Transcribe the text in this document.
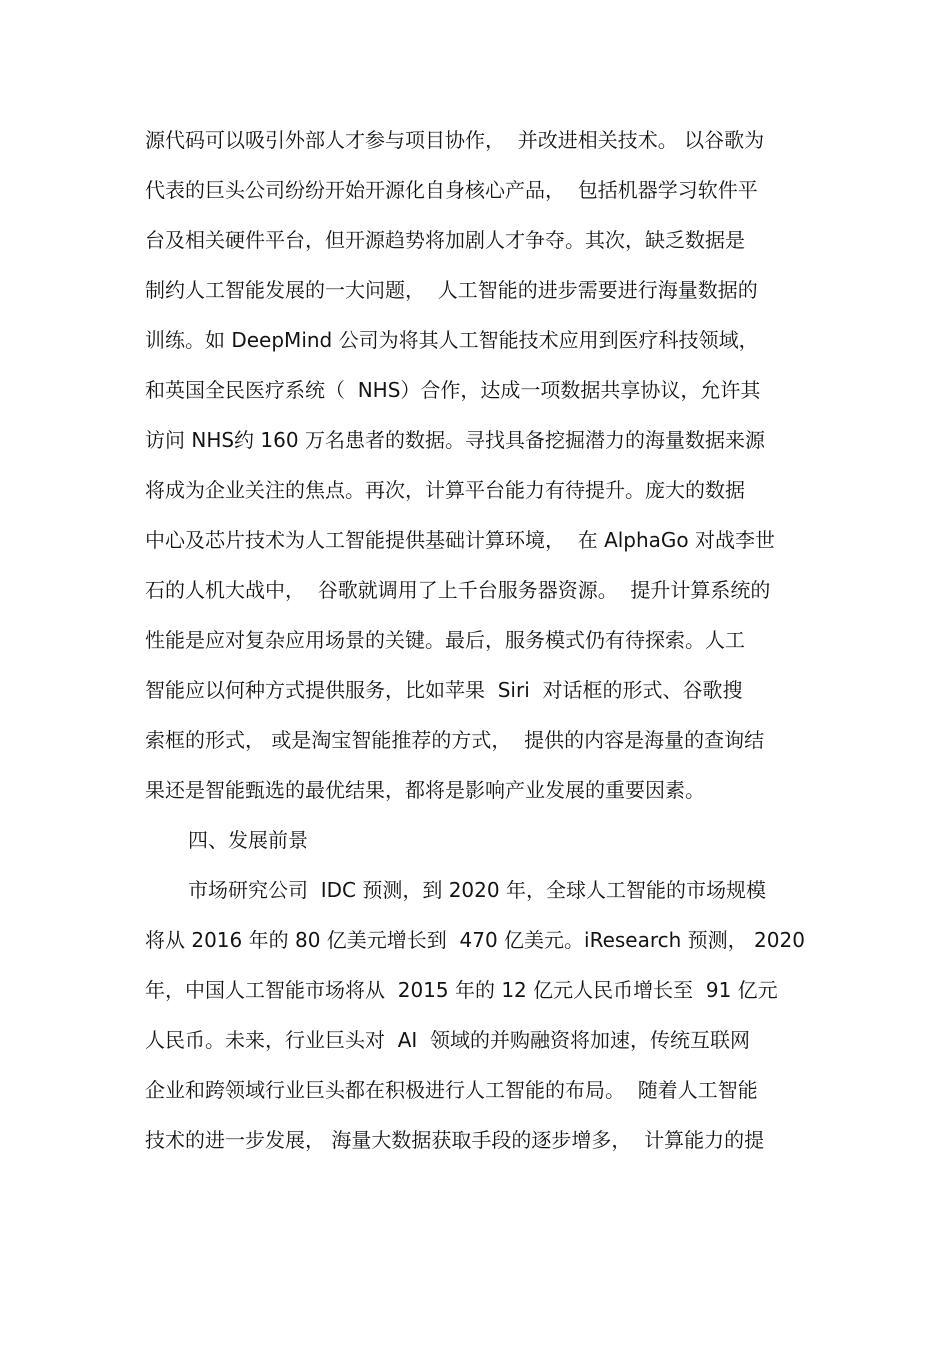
源代码可以吸引外部人才参与项目协作，  并改进相关技术。 以谷歌为

代表的巨头公司纷纷开始开源化自身核心产品，  包括机器学习软件平

台及相关硬件平台，但开源趋势将加剧人才争夺。其次，缺乏数据是

制约人工智能发展的一大问题，  人工智能的进步需要进行海量数据的

训练。如 DeepMind 公司为将其人工智能技术应用到医疗科技领域，

和英国全民医疗系统（  NHS）合作，达成一项数据共享协议，允许其

访问 NHS约 160 万名患者的数据。寻找具备挖掘潜力的海量数据来源

将成为企业关注的焦点。再次，计算平台能力有待提升。庞大的数据

中心及芯片技术为人工智能提供基础计算环境，  在 AlphaGo 对战李世

石的人机大战中，  谷歌就调用了上千台服务器资源。  提升计算系统的

性能是应对复杂应用场景的关键。最后，服务模式仍有待探索。人工

智能应以何种方式提供服务，比如苹果  Siri  对话框的形式、谷歌搜

索框的形式， 或是淘宝智能推荐的方式，  提供的内容是海量的查询结

果还是智能甄选的最优结果，都将是影响产业发展的重要因素。

四、发展前景

市场研究公司  IDC 预测，到 2020 年，全球人工智能的市场规模

将从 2016 年的 80 亿美元增长到  470 亿美元。iResearch 预测， 2020

年，中国人工智能市场将从  2015 年的 12 亿元人民币增长至  91 亿元

人民币。未来，行业巨头对  AI  领域的并购融资将加速，传统互联网

企业和跨领域行业巨头都在积极进行人工智能的布局。  随着人工智能

技术的进一步发展， 海量大数据获取手段的逐步增多，  计算能力的提
